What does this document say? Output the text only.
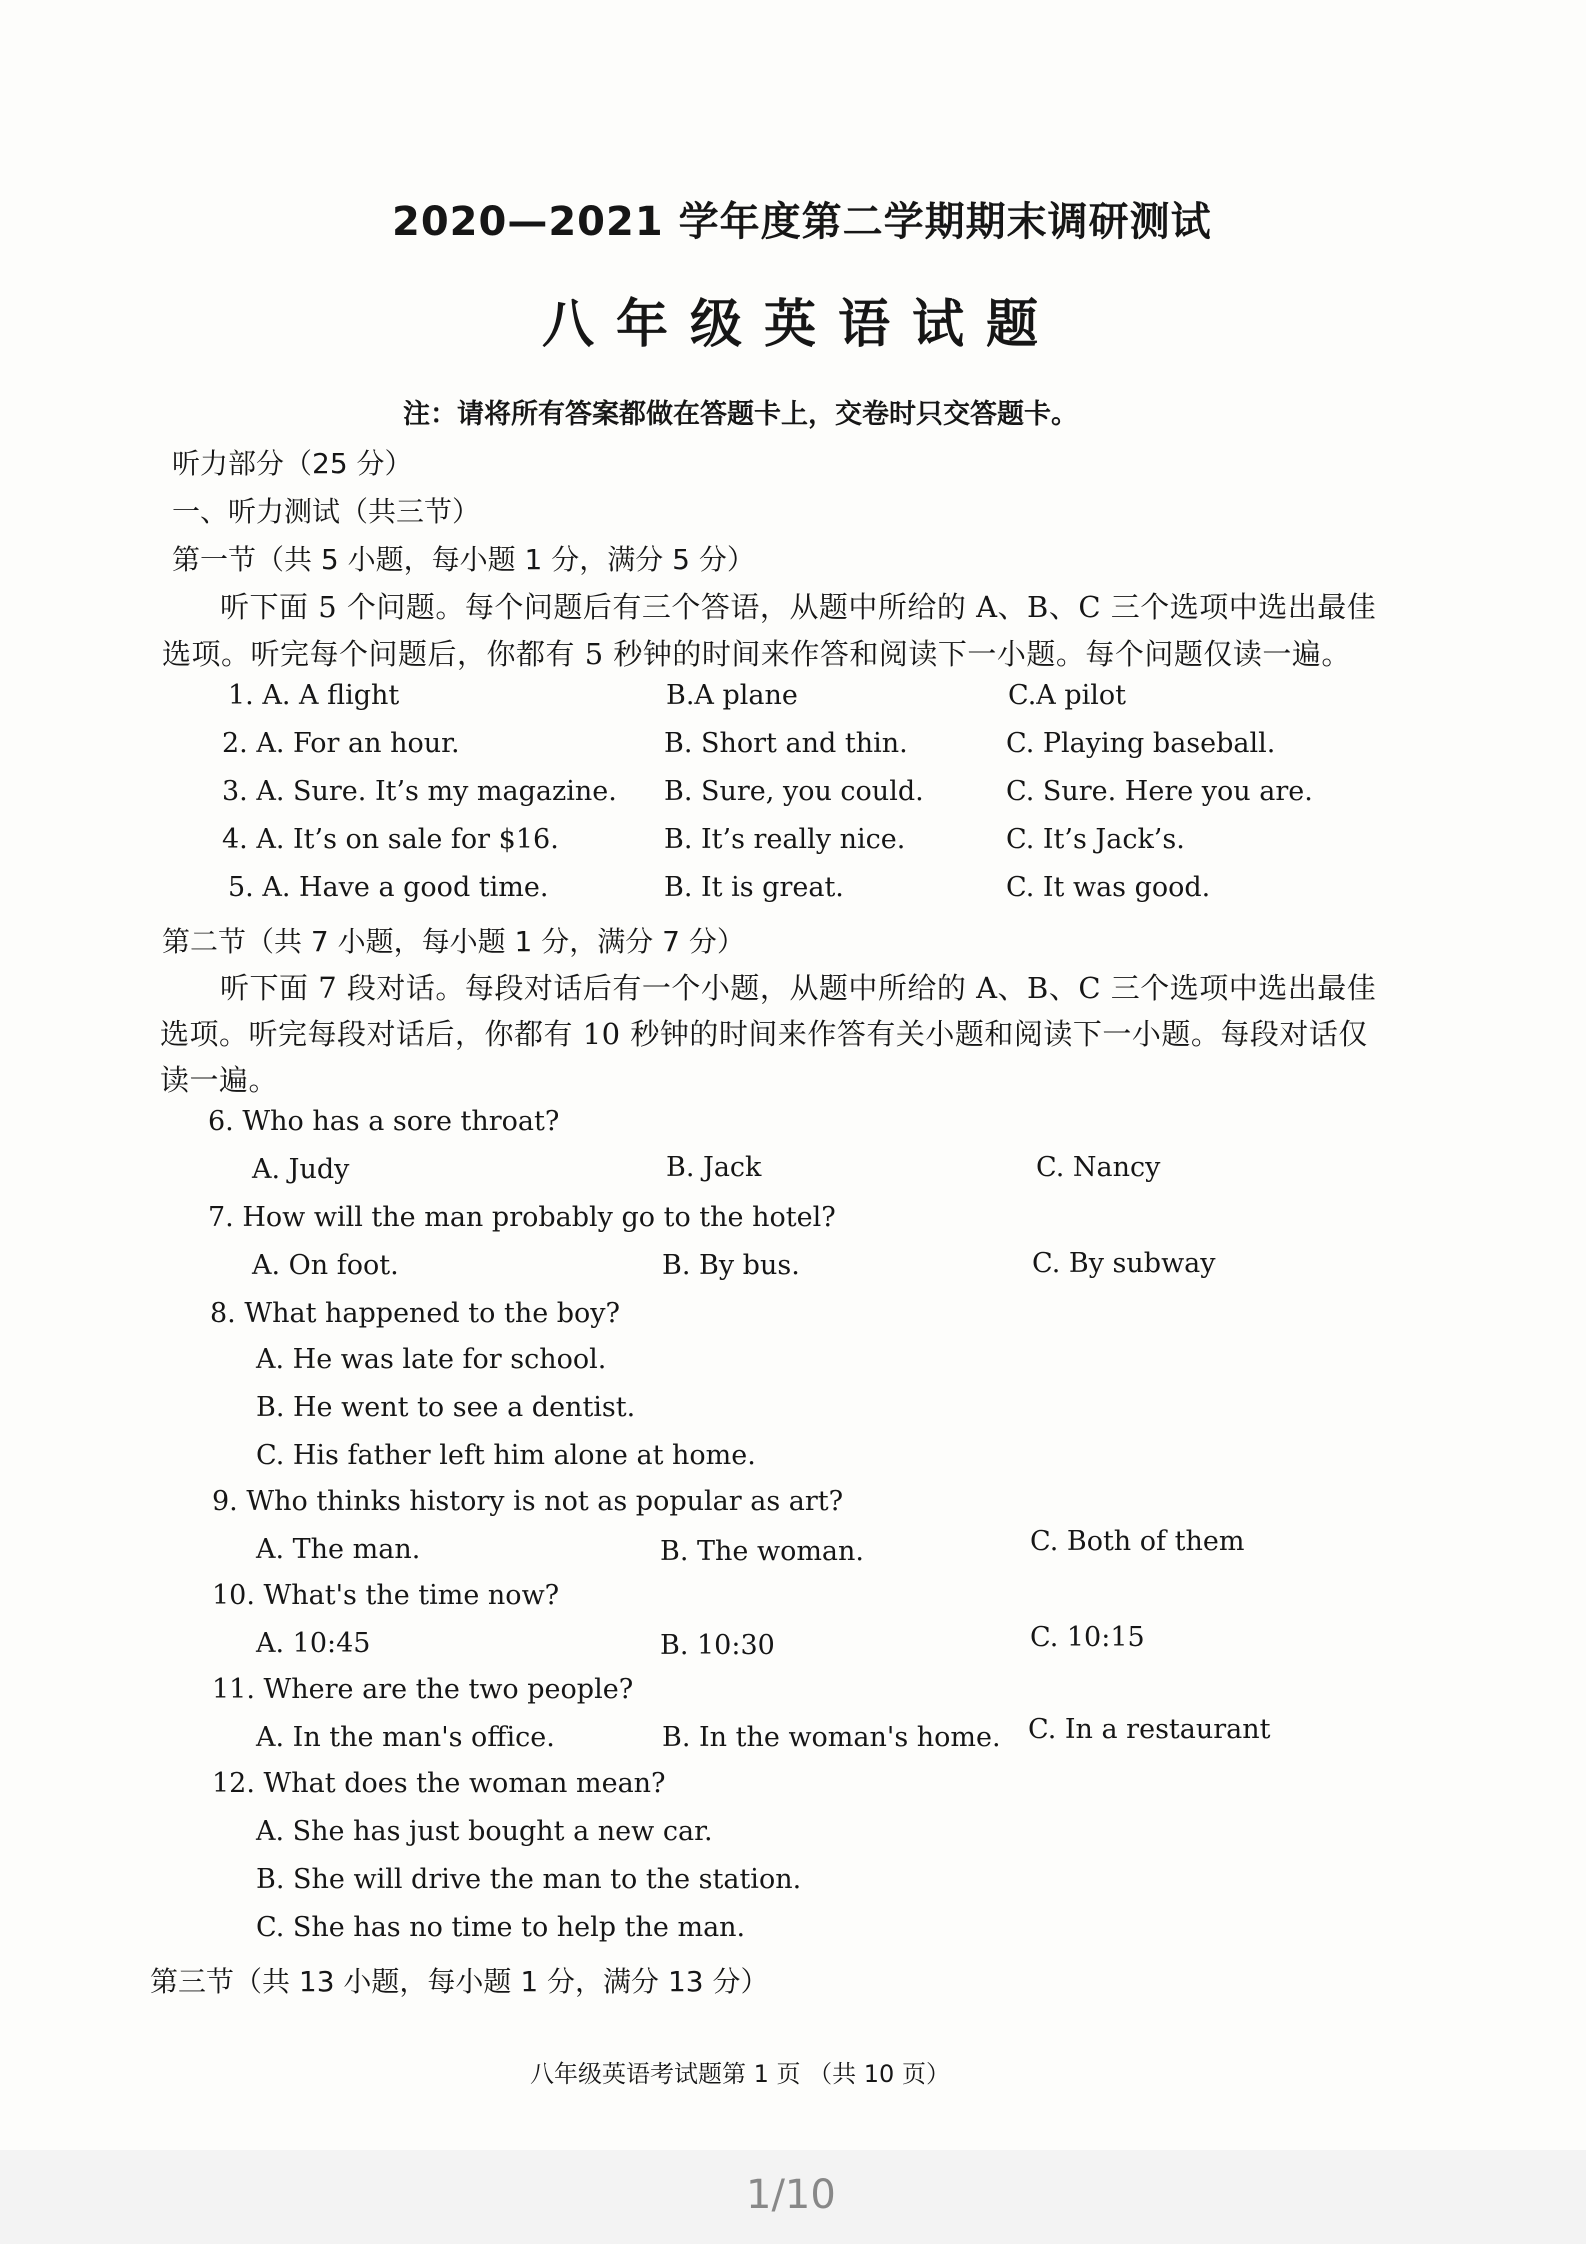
2020—2021 学年度第二学期期末调研测试
八年级英语试题
注：请将所有答案都做在答题卡上，交卷时只交答题卡。
听力部分（25 分）
一、听力测试（共三节）
第一节（共 5 小题，每小题 1 分，满分 5 分）
听下面 5 个问题。每个问题后有三个答语，从题中所给的 A、B、C 三个选项中选出最佳
选项。听完每个问题后，你都有 5 秒钟的时间来作答和阅读下一小题。每个问题仅读一遍。
1. A. A flight	B.A plane	C.A pilot
2. A. For an hour.	B. Short and thin.	C. Playing baseball.
3. A. Sure. It’s my magazine. B. Sure, you could.	C. Sure. Here you are.
4. A. It’s on sale for $16.	B. It’s really nice.	C. It’s Jack’s.
5. A. Have a good time.	B. It is great.	C. It was good.
第二节（共 7 小题，每小题 1 分，满分 7 分）
听下面 7 段对话。每段对话后有一个小题，从题中所给的 A、B、C 三个选项中选出最佳
选项。听完每段对话后，你都有 10 秒钟的时间来作答有关小题和阅读下一小题。每段对话仅
读一遍。
6. Who has a sore throat?
A. Judy	B. Jack	C. Nancy
7. How will the man probably go to the hotel?
A. On foot.	B. By bus.	C. By subway
8. What happened to the boy?
A. He was late for school.
B. He went to see a dentist.
C. His father left him alone at home.
9. Who thinks history is not as popular as art?
A. The man.	B. The woman.	C. Both of them
10. What's the time now?
A. 10:45	B. 10:30	C. 10:15
11. Where are the two people?
A. In the man's office.	B. In the woman's home. C. In a restaurant
12. What does the woman mean?
A. She has just bought a new car.
B. She will drive the man to the station.
C. She has no time to help the man.
第三节（共 13 小题，每小题 1 分，满分 13 分）
八年级英语考试题第 1 页 （共 10 页）
1/10
